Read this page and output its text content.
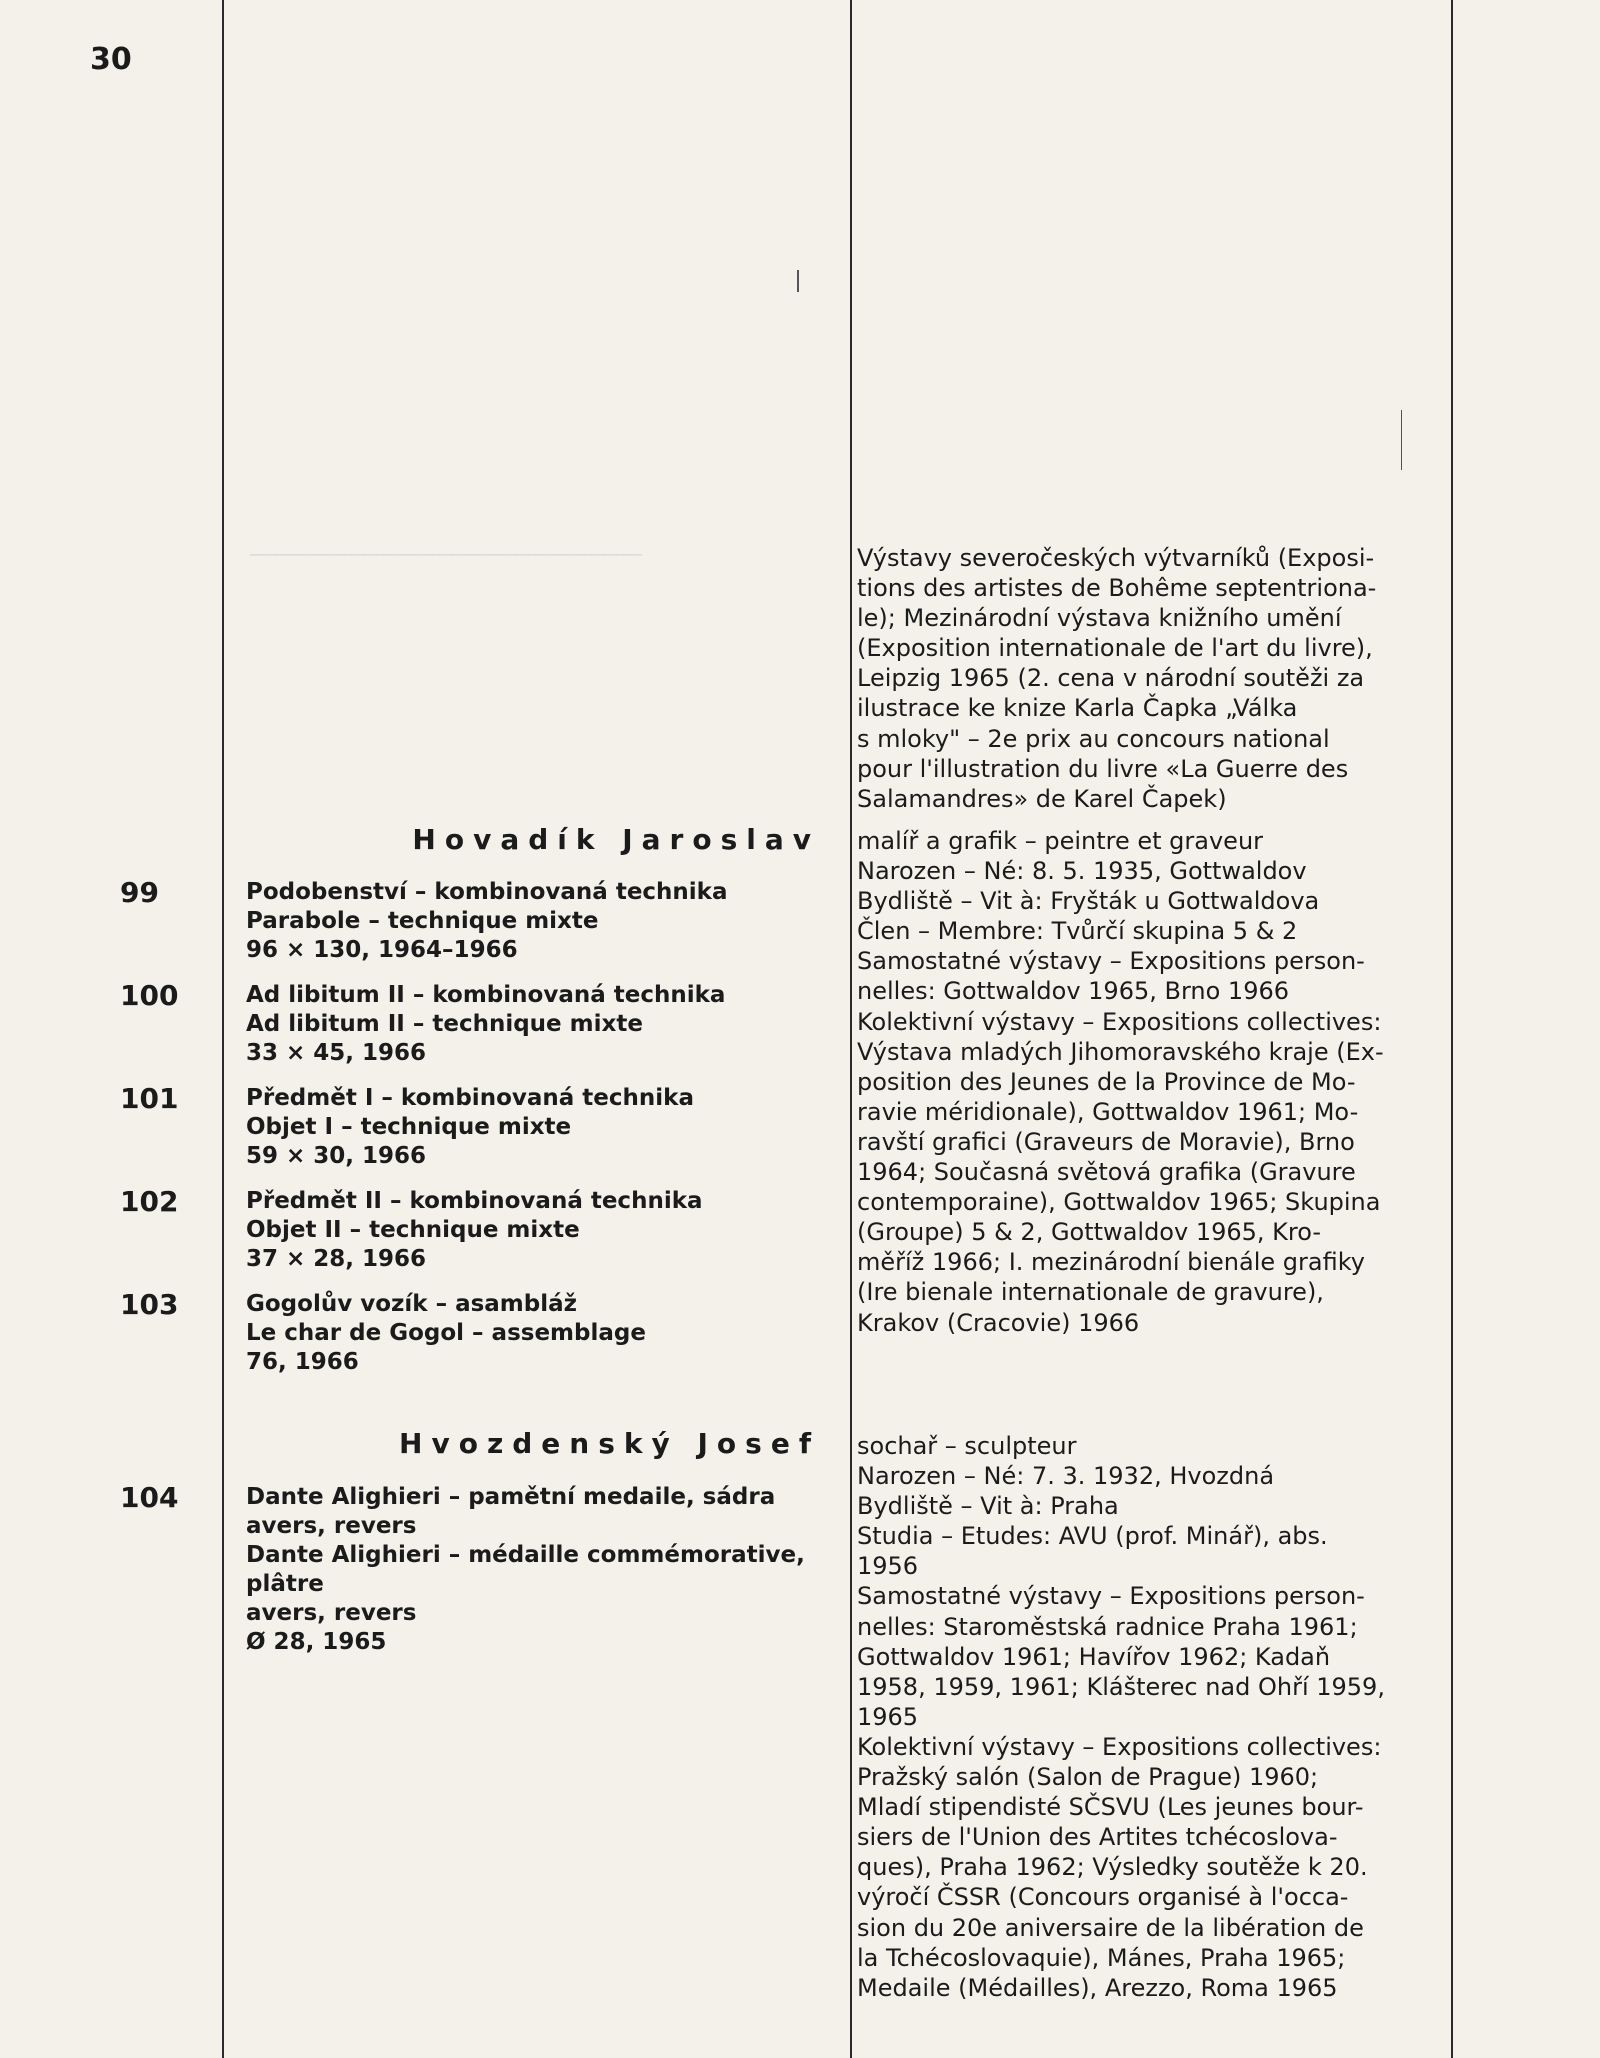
───────────────────────────────
30
Výstavy severočeských výtvarníků (Exposi-
tions des artistes de Bohême septentriona-
le); Mezinárodní výstava knižního umění
(Exposition internationale de l'art du livre),
Leipzig 1965 (2. cena v národní soutěži za
ilustrace ke knize Karla Čapka „Válka
s mloky" – 2e prix au concours national
pour l'illustration du livre «La Guerre des
Salamandres» de Karel Čapek)
Hovadík Jaroslav
99	Podobenství – kombinovaná technika
Parabole – technique mixte
96 × 130, 1964–1966
100	Ad libitum II – kombinovaná technika
Ad libitum II – technique mixte
33 × 45, 1966
101	Předmět I – kombinovaná technika
Objet I – technique mixte
59 × 30, 1966
102	Předmět II – kombinovaná technika
Objet II – technique mixte
37 × 28, 1966
103	Gogolův vozík – asambláž
Le char de Gogol – assemblage
76, 1966
malíř a grafik – peintre et graveur
Narozen – Né: 8. 5. 1935, Gottwaldov
Bydliště – Vit à: Fryšták u Gottwaldova
Člen – Membre: Tvůrčí skupina 5 & 2
Samostatné výstavy – Expositions person-
nelles: Gottwaldov 1965, Brno 1966
Kolektivní výstavy – Expositions collectives:
Výstava mladých Jihomoravského kraje (Ex-
position des Jeunes de la Province de Mo-
ravie méridionale), Gottwaldov 1961; Mo-
ravští grafici (Graveurs de Moravie), Brno
1964; Současná světová grafika (Gravure
contemporaine), Gottwaldov 1965; Skupina
(Groupe) 5 & 2, Gottwaldov 1965, Kro-
měříž 1966; I. mezinárodní bienále grafiky
(Ire bienale internationale de gravure),
Krakov (Cracovie) 1966
Hvozdenský Josef
104	Dante Alighieri – pamětní medaile, sádra
avers, revers
Dante Alighieri – médaille commémorative,
plâtre
avers, revers
Ø 28, 1965
sochař – sculpteur
Narozen – Né: 7. 3. 1932, Hvozdná
Bydliště – Vit à: Praha
Studia – Etudes: AVU (prof. Minář), abs.
1956
Samostatné výstavy – Expositions person-
nelles: Staroměstská radnice Praha 1961;
Gottwaldov 1961; Havířov 1962; Kadaň
1958, 1959, 1961; Klášterec nad Ohří 1959,
1965
Kolektivní výstavy – Expositions collectives:
Pražský salón (Salon de Prague) 1960;
Mladí stipendisté SČSVU (Les jeunes bour-
siers de l'Union des Artites tchécoslova-
ques), Praha 1962; Výsledky soutěže k 20.
výročí ČSSR (Concours organisé à l'occa-
sion du 20e aniversaire de la libération de
la Tchécoslovaquie), Mánes, Praha 1965;
Medaile (Médailles), Arezzo, Roma 1965
